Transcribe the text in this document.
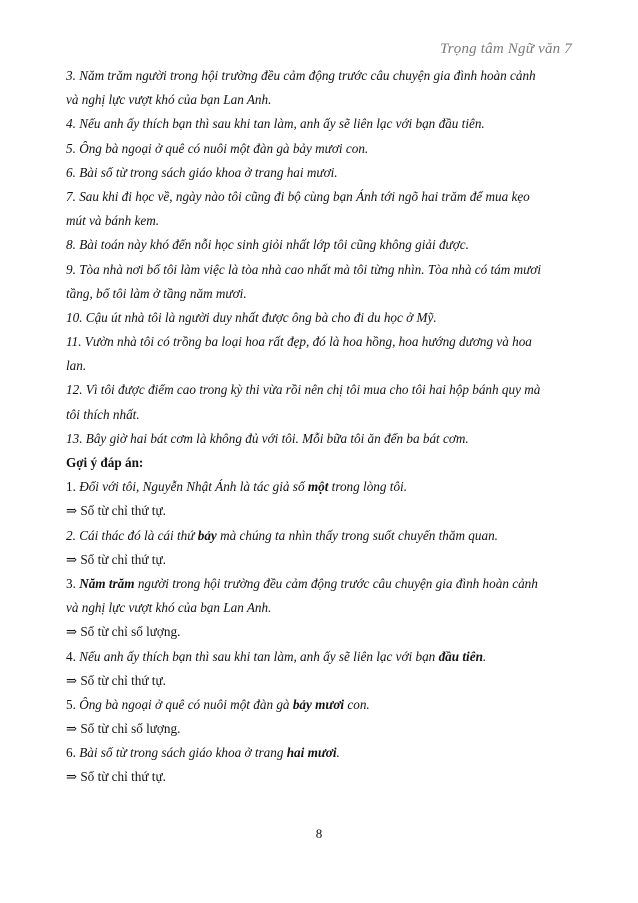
Trọng tâm Ngữ văn 7
3. Năm trăm người trong hội trường đều cảm động trước câu chuyện gia đình hoàn cảnh
và nghị lực vượt khó của bạn Lan Anh.
4. Nếu anh ấy thích bạn thì sau khi tan làm, anh ấy sẽ liên lạc với bạn đầu tiên.
5. Ông bà ngoại ở quê có nuôi một đàn gà bảy mươi con.
6. Bài số từ trong sách giáo khoa ở trang hai mươi.
7. Sau khi đi học về, ngày nào tôi cũng đi bộ cùng bạn Ánh tới ngõ hai trăm để mua kẹo
mút và bánh kem.
8. Bài toán này khó đến nỗi học sinh giỏi nhất lớp tôi cũng không giải được.
9. Tòa nhà nơi bố tôi làm việc là tòa nhà cao nhất mà tôi từng nhìn. Tòa nhà có tám mươi
tầng, bố tôi làm ở tầng năm mươi.
10. Cậu út nhà tôi là người duy nhất được ông bà cho đi du học ở Mỹ.
11. Vườn nhà tôi có trồng ba loại hoa rất đẹp, đó là hoa hồng, hoa hướng dương và hoa
lan.
12. Vì tôi được điểm cao trong kỳ thi vừa rồi nên chị tôi mua cho tôi hai hộp bánh quy mà
tôi thích nhất.
13. Bây giờ hai bát cơm là không đủ với tôi. Mỗi bữa tôi ăn đến ba bát cơm.
Gợi ý đáp án:
1. Đối với tôi, Nguyễn Nhật Ánh là tác giả số một trong lòng tôi.
⇒ Số từ chỉ thứ tự.
2. Cái thác đó là cái thứ bảy mà chúng ta nhìn thấy trong suốt chuyến thăm quan.
⇒ Số từ chỉ thứ tự.
3. Năm trăm người trong hội trường đều cảm động trước câu chuyện gia đình hoàn cảnh
và nghị lực vượt khó của bạn Lan Anh.
⇒ Số từ chỉ số lượng.
4. Nếu anh ấy thích bạn thì sau khi tan làm, anh ấy sẽ liên lạc với bạn đầu tiên.
⇒ Số từ chỉ thứ tự.
5. Ông bà ngoại ở quê có nuôi một đàn gà bảy mươi con.
⇒ Số từ chỉ số lượng.
6. Bài số từ trong sách giáo khoa ở trang hai mươi.
⇒ Số từ chỉ thứ tự.
8
